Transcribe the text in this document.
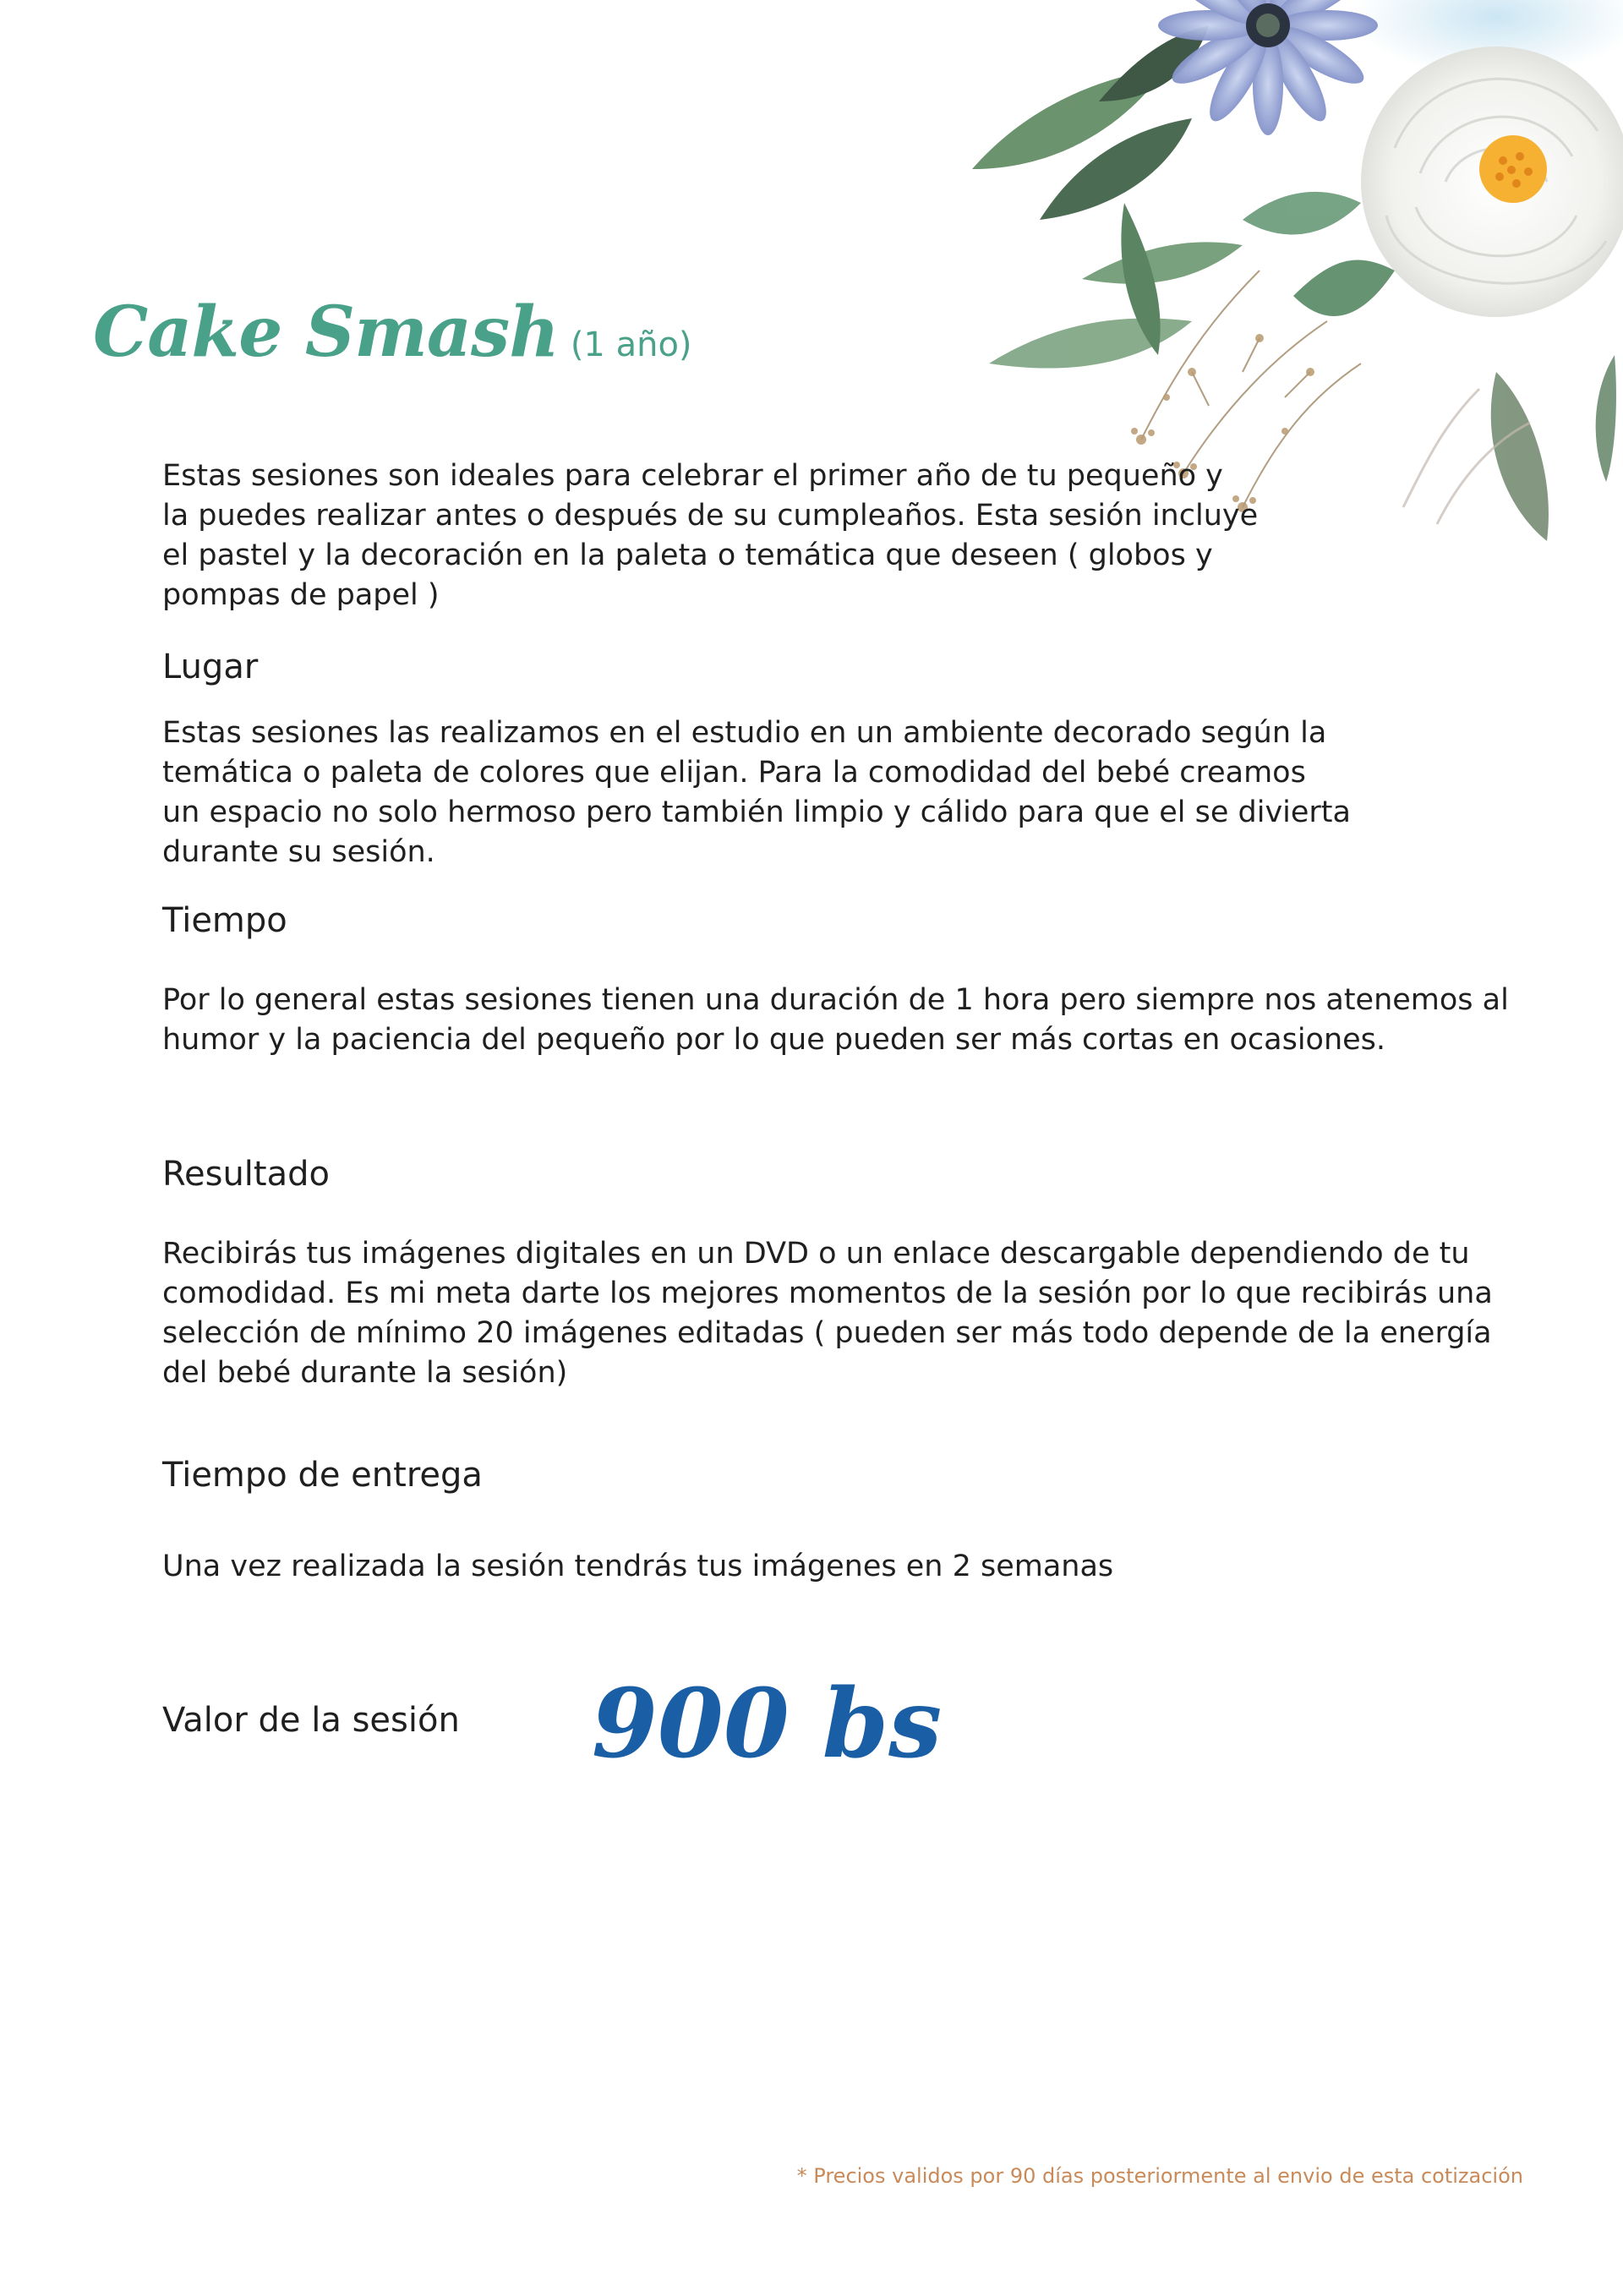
Cake Smash (1 año)

Estas sesiones son ideales para celebrar el primer año de tu pequeño y
la puedes realizar antes o después de su cumpleaños. Esta sesión incluye
el pastel y la decoración en la paleta o temática que deseen ( globos y
pompas de papel )

Lugar

Estas sesiones las realizamos en el estudio en un ambiente decorado según la
temática o paleta de colores que elijan. Para la comodidad del bebé creamos
un espacio no solo hermoso pero también limpio y cálido para que el se divierta
durante su sesión.

Tiempo

Por lo general estas sesiones tienen una duración de 1 hora pero siempre nos atenemos al
humor y la paciencia del pequeño por lo que pueden ser más cortas en ocasiones.

Resultado

Recibirás tus imágenes digitales en un DVD o un enlace descargable dependiendo de tu
comodidad. Es mi meta darte los mejores momentos de la sesión por lo que recibirás una
selección de mínimo 20 imágenes editadas ( pueden ser más todo depende de la energía
del bebé durante la sesión)

Tiempo de entrega

Una vez realizada la sesión tendrás tus imágenes en 2 semanas

Valor de la sesión 900 bs
* Precios validos por 90 días posteriormente al envio de esta cotización
